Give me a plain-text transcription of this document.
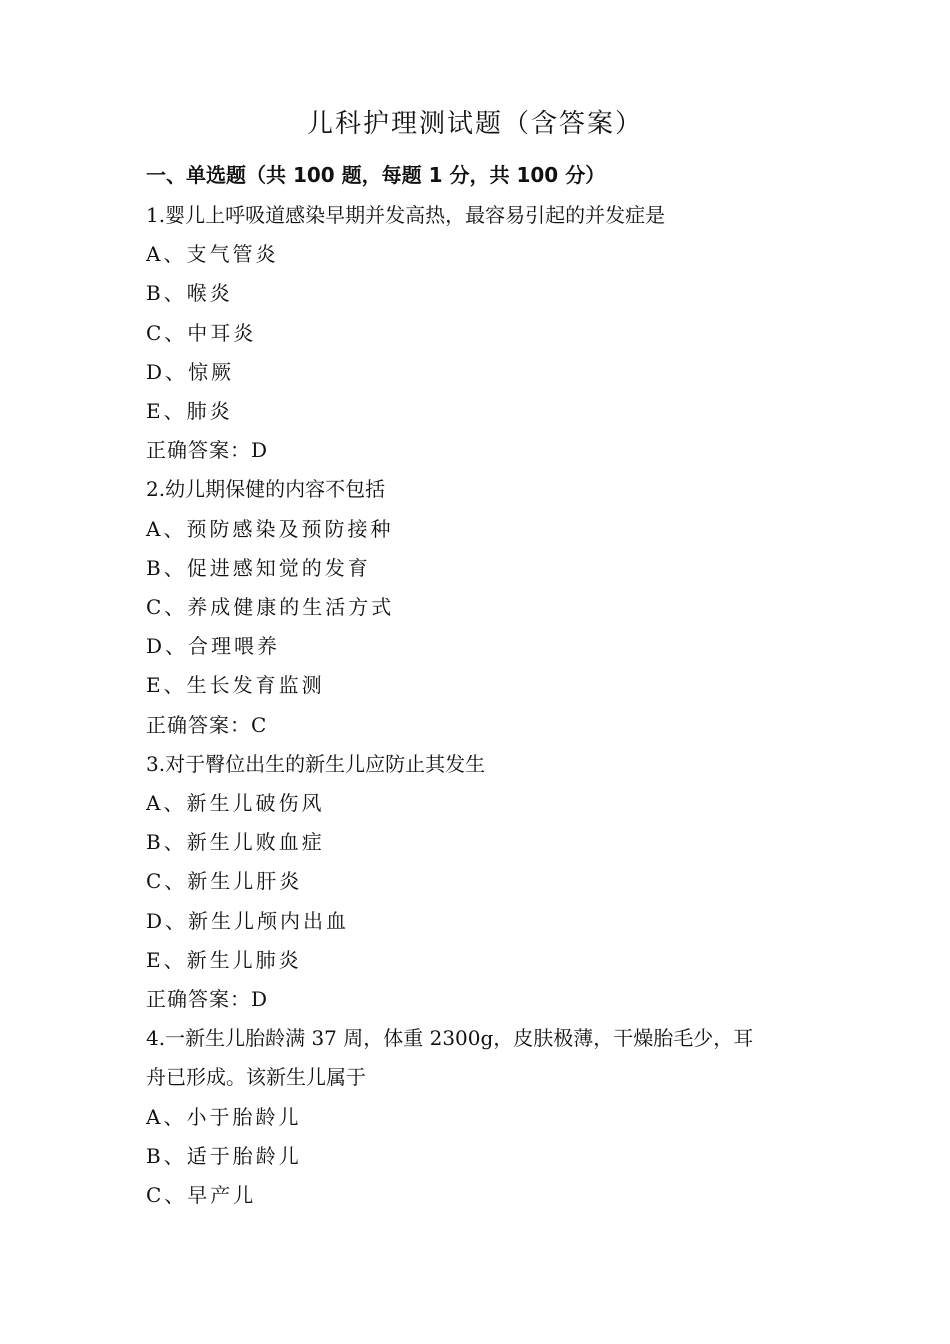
儿科护理测试题（含答案）
一、单选题（共 100 题，每题 1 分，共 100 分）
1.婴儿上呼吸道感染早期并发高热，最容易引起的并发症是
A、支气管炎
B、喉炎
C、中耳炎
D、惊厥
E、肺炎
正确答案：D
2.幼儿期保健的内容不包括
A、预防感染及预防接种
B、促进感知觉的发育
C、养成健康的生活方式
D、合理喂养
E、生长发育监测
正确答案：C
3.对于臀位出生的新生儿应防止其发生
A、新生儿破伤风
B、新生儿败血症
C、新生儿肝炎
D、新生儿颅内出血
E、新生儿肺炎
正确答案：D
4.一新生儿胎龄满 37 周，体重 2300g，皮肤极薄，干燥胎毛少，耳
舟已形成。该新生儿属于
A、小于胎龄儿
B、适于胎龄儿
C、早产儿
